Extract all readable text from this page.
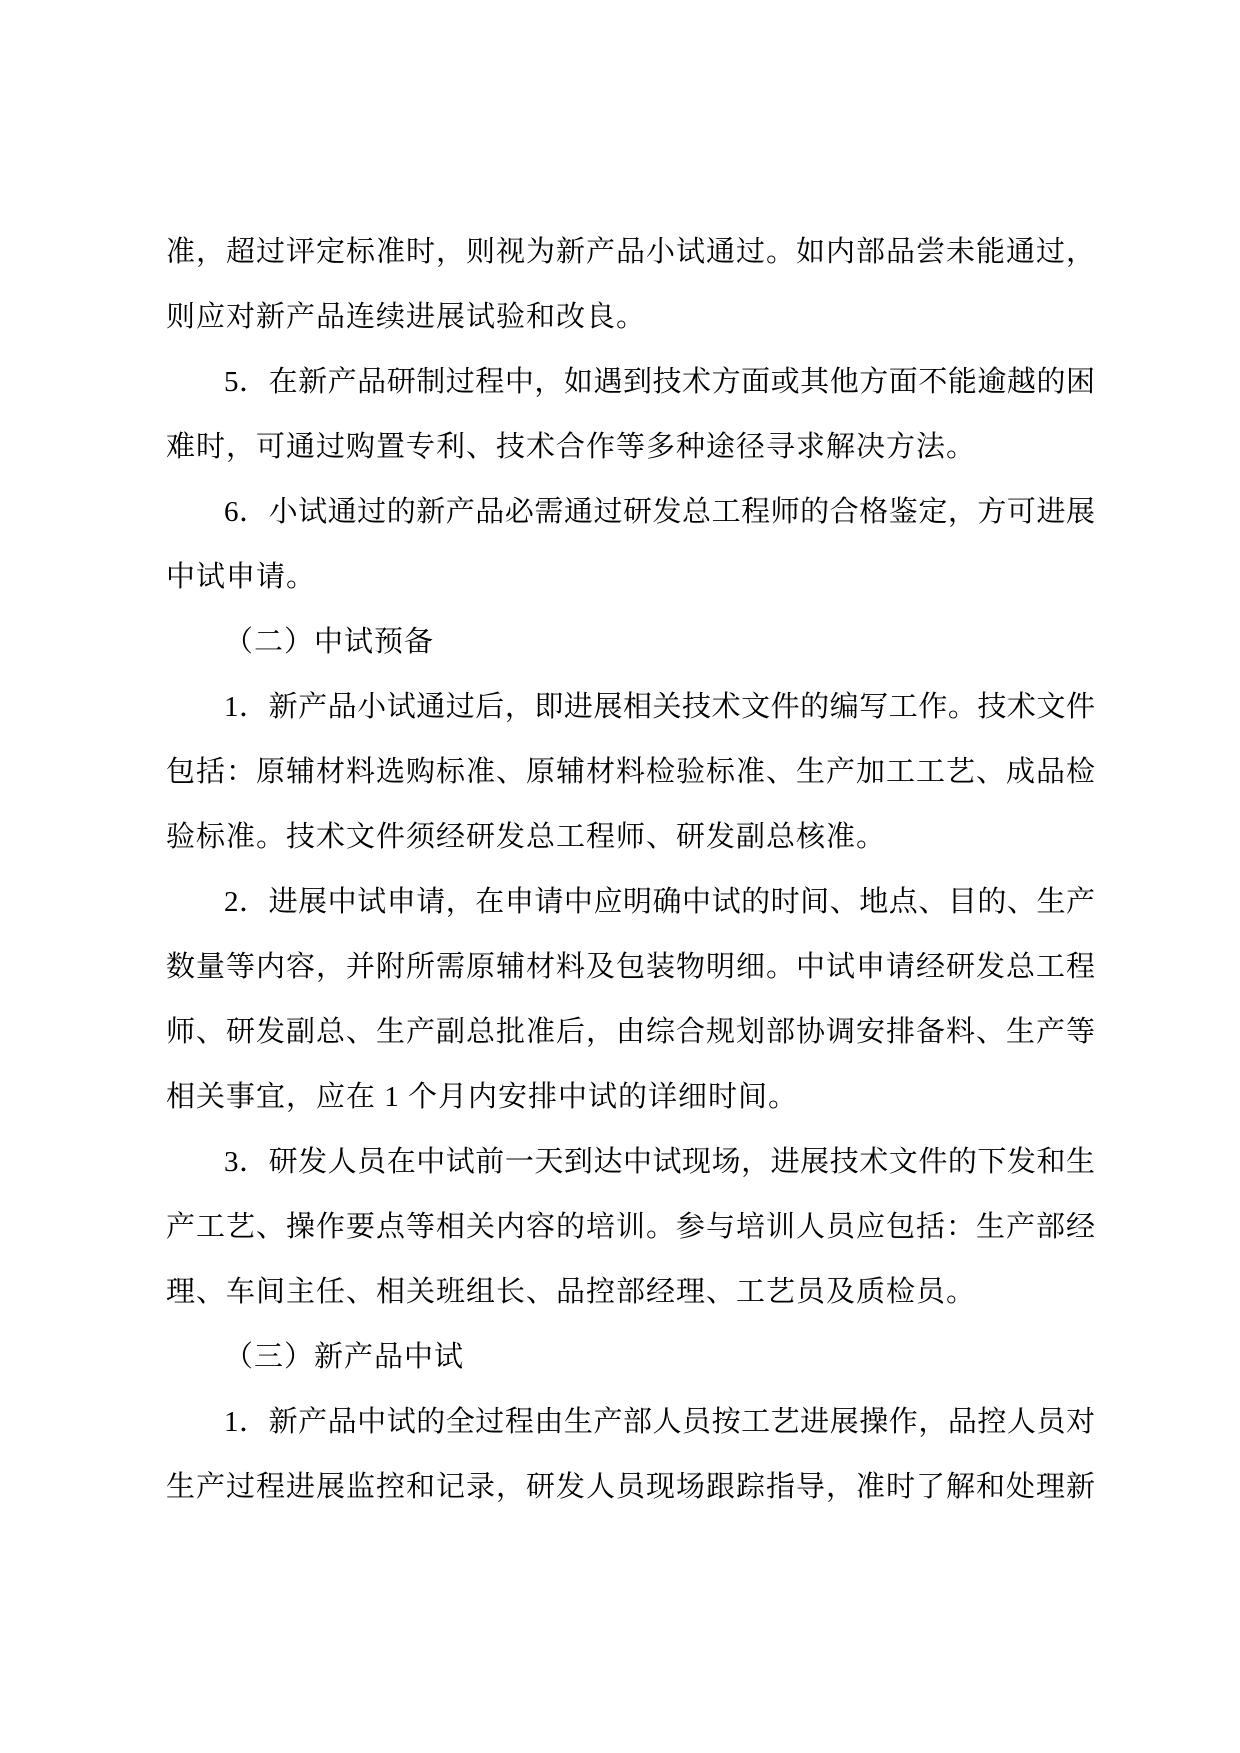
准，超过评定标准时，则视为新产品小试通过。如内部品尝未能通过，
则应对新产品连续进展试验和改良。
5．在新产品研制过程中，如遇到技术方面或其他方面不能逾越的困
难时，可通过购置专利、技术合作等多种途径寻求解决方法。
6．小试通过的新产品必需通过研发总工程师的合格鉴定，方可进展
中试申请。
（二）中试预备
1．新产品小试通过后，即进展相关技术文件的编写工作。技术文件
包括：原辅材料选购标准、原辅材料检验标准、生产加工工艺、成品检
验标准。技术文件须经研发总工程师、研发副总核准。
2．进展中试申请，在申请中应明确中试的时间、地点、目的、生产
数量等内容，并附所需原辅材料及包装物明细。中试申请经研发总工程
师、研发副总、生产副总批准后，由综合规划部协调安排备料、生产等
相关事宜，应在 1 个月内安排中试的详细时间。
3．研发人员在中试前一天到达中试现场，进展技术文件的下发和生
产工艺、操作要点等相关内容的培训。参与培训人员应包括：生产部经
理、车间主任、相关班组长、品控部经理、工艺员及质检员。
（三）新产品中试
1．新产品中试的全过程由生产部人员按工艺进展操作，品控人员对
生产过程进展监控和记录，研发人员现场跟踪指导，准时了解和处理新
